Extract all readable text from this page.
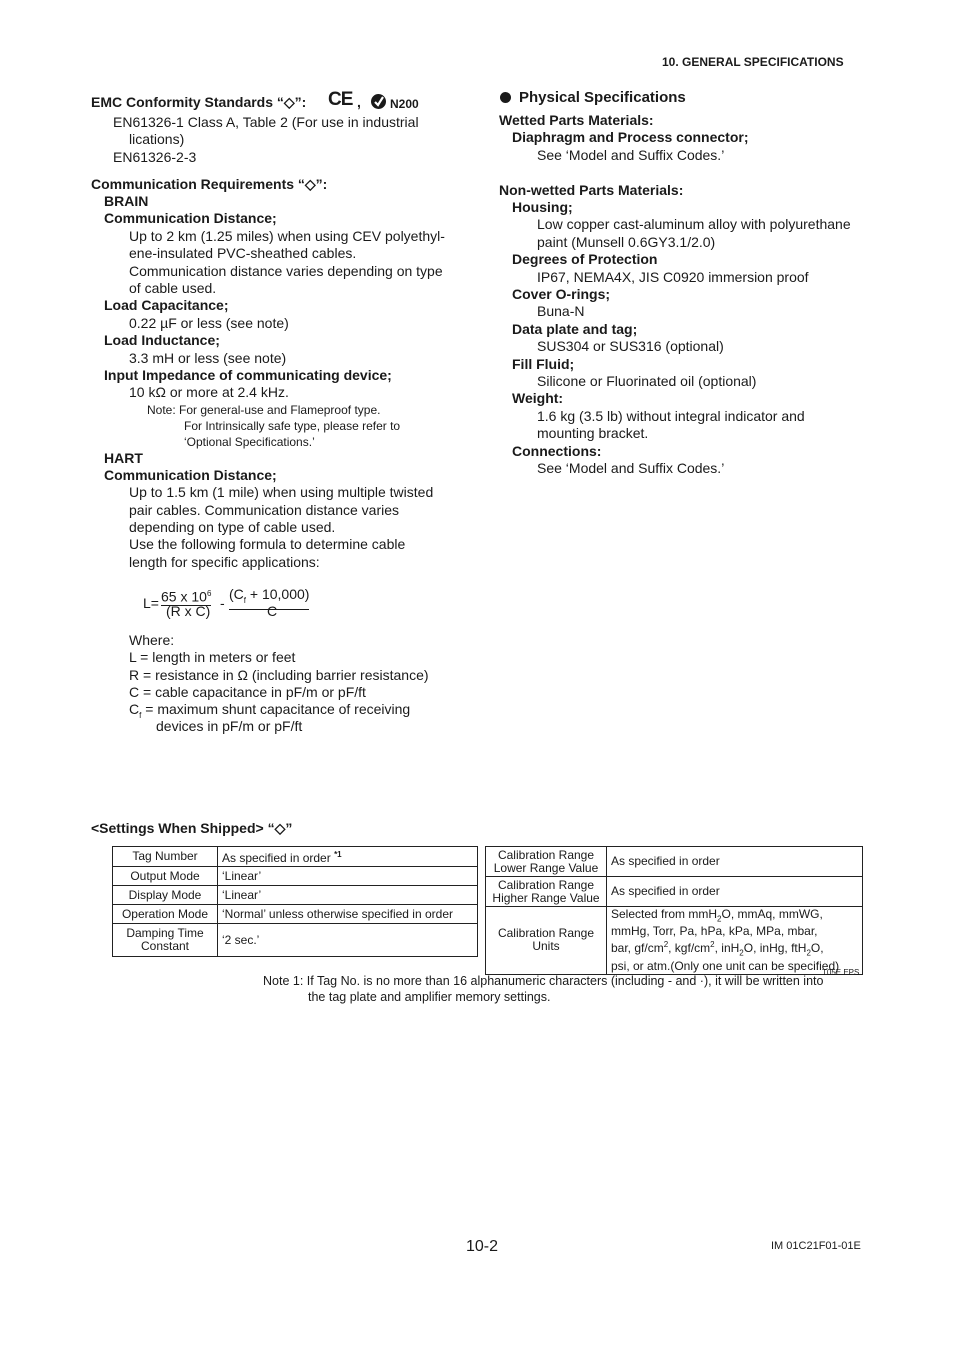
10. GENERAL SPECIFICATIONS
EMC Conformity Standards “◇”: CE , N200
EN61326-1 Class A, Table 2 (For use in industrial
lications)
EN61326-2-3
Communication Requirements “◇”:
BRAIN
Communication Distance;
Up to 2 km (1.25 miles) when using CEV polyethyl-
ene-insulated PVC-sheathed cables.
Communication distance varies depending on type
of cable used.
Load Capacitance;
0.22 µF or less (see note)
Load Inductance;
3.3 mH or less (see note)
Input Impedance of communicating device;
10 kΩ or more at 2.4 kHz.
Note: For general-use and Flameproof type.
For Intrinsically safe type, please refer to
‘Optional Specifications.’
HART
Communication Distance;
Up to 1.5 km (1 mile) when using multiple twisted
pair cables. Communication distance varies
depending on type of cable used.
Use the following formula to determine cable
length for specific applications:
L= 65 x $10^6$
(R x C) -
$(C_f + 10,000)$
C
Where:
L = length in meters or feet
R = resistance in Ω (including barrier resistance)
C = cable capacitance in pF/m or pF/ft
$C_f$ = maximum shunt capacitance of receiving
devices in pF/m or pF/ft
Physical Specifications
Wetted Parts Materials:
Diaphragm and Process connector;
See ‘Model and Suffix Codes.’
Non-wetted Parts Materials:
Housing;
Low copper cast-aluminum alloy with polyurethane
paint (Munsell 0.6GY3.1/2.0)
Degrees of Protection
IP67, NEMA4X, JIS C0920 immersion proof
Cover O-rings;
Buna-N
Data plate and tag;
SUS304 or SUS316 (optional)
Fill Fluid;
Silicone or Fluorinated oil (optional)
Weight:
1.6 kg (3.5 lb) without integral indicator and
mounting bracket.
Connections:
See ‘Model and Suffix Codes.’
<Settings When Shipped> “◇”
Tag Number	As specified in order $^{*1}$
Output Mode	‘Linear’
Display Mode	‘Linear’
Operation Mode	‘Normal’ unless otherwise specified in order
Damping Time
Constant	‘2 sec.’
Calibration Range
Lower Range Value	As specified in order
Calibration Range
Higher Range Value	As specified in order
Calibration Range
Units	Selected from mmH$_2$O, mmAq, mmWG,
mmHg, Torr, Pa, hPa, kPa, MPa, mbar,
bar, $gf/cm^2$, kgf/$cm^2$, inH$_2$O, inHg, ftH$_2$O,
psi, or atm.(Only one unit can be specified)
T05E.EPS
Note 1: If Tag No. is no more than 16 alphanumeric characters (including - and ·), it will be written into
the tag plate and amplifier memory settings.
10-2	IM 01C21F01-01E
